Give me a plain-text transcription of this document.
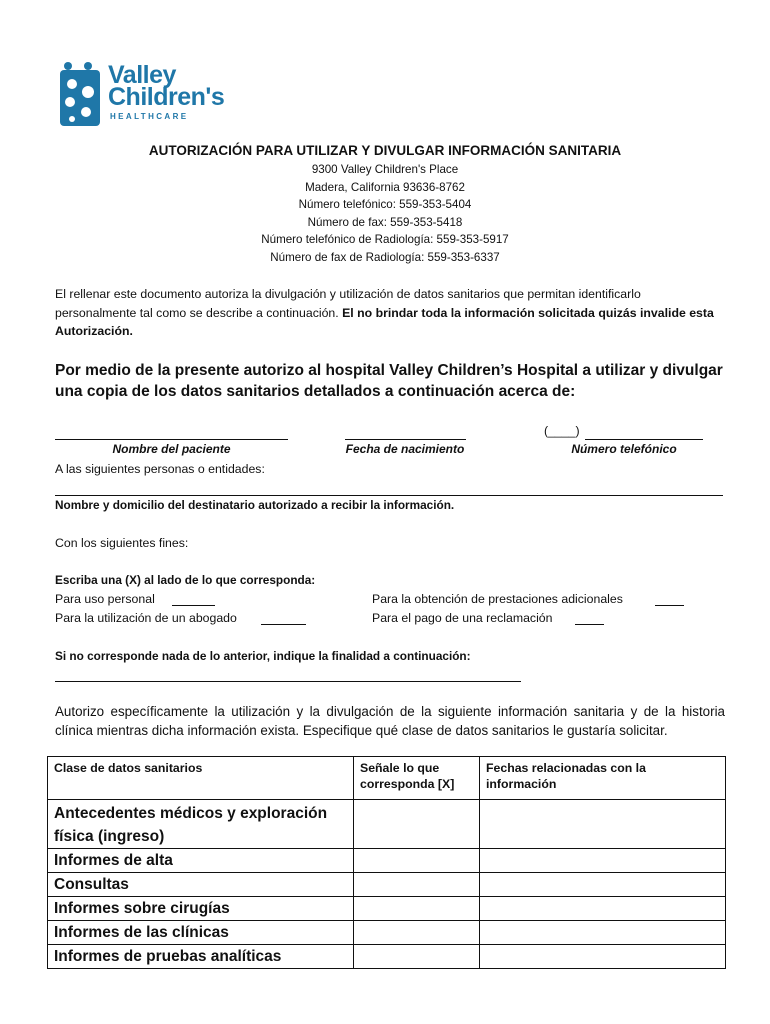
Valley
Children's
HEALTHCARE
AUTORIZACIÓN PARA UTILIZAR Y DIVULGAR INFORMACIÓN SANITARIA
9300 Valley Children's Place
Madera, California 93636-8762
Número telefónico: 559-353-5404
Número de fax: 559-353-5418
Número telefónico de Radiología: 559-353-5917
Número de fax de Radiología: 559-353-6337
El rellenar este documento autoriza la divulgación y utilización de datos sanitarios que permitan identificarlo personalmente tal como se describe a continuación. El no brindar toda la información solicitada quizás invalide esta Autorización.
Por medio de la presente autorizo al hospital Valley Children’s Hospital a utilizar y divulgar una copia de los datos sanitarios detallados a continuación acerca de:
Nombre del paciente	Fecha de nacimiento
(____)
Número telefónico
A las siguientes personas o entidades:
Nombre y domicilio del destinatario autorizado a recibir la información.
Con los siguientes fines:
Escriba una (X) al lado de lo que corresponda:
Para uso personal
Para la utilización de un abogado
Para la obtención de prestaciones adicionales
Para el pago de una reclamación
Si no corresponde nada de lo anterior, indique la finalidad a continuación:
Autorizo específicamente la utilización y la divulgación de la siguiente información sanitaria y de la historia clínica mientras dicha información exista. Especifique qué clase de datos sanitarios le gustaría solicitar.
Clase de datos sanitarios	Señale lo que corresponda [X]	Fechas relacionadas con la información
Antecedentes médicos y exploración física (ingreso)		
Informes de alta		
Consultas		
Informes sobre cirugías		
Informes de las clínicas		
Informes de pruebas analíticas		
